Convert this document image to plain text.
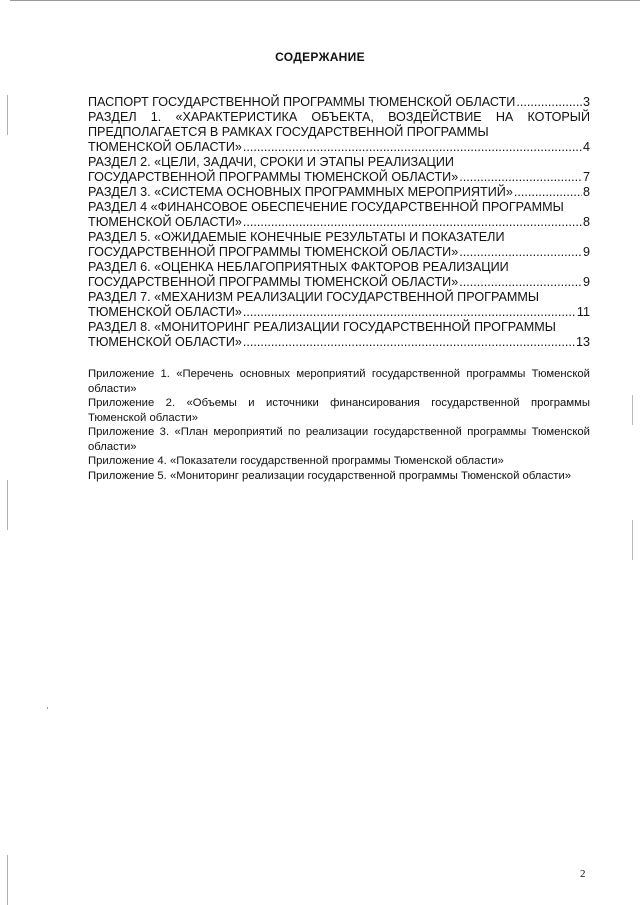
СОДЕРЖАНИЕ
ПАСПОРТ ГОСУДАРСТВЕННОЙ ПРОГРАММЫ ТЮМЕНСКОЙ ОБЛАСТИ .....	3
РАЗДЕЛ 1. «ХАРАКТЕРИСТИКА ОБЪЕКТА, ВОЗДЕЙСТВИЕ НА КОТОРЫЙ ПРЕДПОЛАГАЕТСЯ В РАМКАХ ГОСУДАРСТВЕННОЙ ПРОГРАММЫ
ТЮМЕНСКОЙ ОБЛАСТИ» .....	4
РАЗДЕЛ 2. «ЦЕЛИ, ЗАДАЧИ, СРОКИ И ЭТАПЫ РЕАЛИЗАЦИИ
ГОСУДАРСТВЕННОЙ ПРОГРАММЫ ТЮМЕНСКОЙ ОБЛАСТИ» .....	7
РАЗДЕЛ 3. «СИСТЕМА ОСНОВНЫХ ПРОГРАММНЫХ МЕРОПРИЯТИЙ» .....	8
РАЗДЕЛ 4 «ФИНАНСОВОЕ ОБЕСПЕЧЕНИЕ ГОСУДАРСТВЕННОЙ ПРОГРАММЫ
ТЮМЕНСКОЙ ОБЛАСТИ» .....	8
РАЗДЕЛ 5. «ОЖИДАЕМЫЕ КОНЕЧНЫЕ РЕЗУЛЬТАТЫ И ПОКАЗАТЕЛИ
ГОСУДАРСТВЕННОЙ ПРОГРАММЫ ТЮМЕНСКОЙ ОБЛАСТИ» .....	9
РАЗДЕЛ 6. «ОЦЕНКА НЕБЛАГОПРИЯТНЫХ ФАКТОРОВ РЕАЛИЗАЦИИ
ГОСУДАРСТВЕННОЙ ПРОГРАММЫ ТЮМЕНСКОЙ ОБЛАСТИ» .....	9
РАЗДЕЛ 7. «МЕХАНИЗМ РЕАЛИЗАЦИИ ГОСУДАРСТВЕННОЙ ПРОГРАММЫ
ТЮМЕНСКОЙ ОБЛАСТИ» .....	11
РАЗДЕЛ 8. «МОНИТОРИНГ РЕАЛИЗАЦИИ ГОСУДАРСТВЕННОЙ ПРОГРАММЫ
ТЮМЕНСКОЙ ОБЛАСТИ» .....	13
Приложение 1. «Перечень основных мероприятий государственной программы Тюменской области»
Приложение 2. «Объемы и источники финансирования государственной программы Тюменской области»
Приложение 3. «План мероприятий по реализации государственной программы Тюменской области»
Приложение 4. «Показатели государственной программы Тюменской области»
Приложение 5. «Мониторинг реализации государственной программы Тюменской области»
2
